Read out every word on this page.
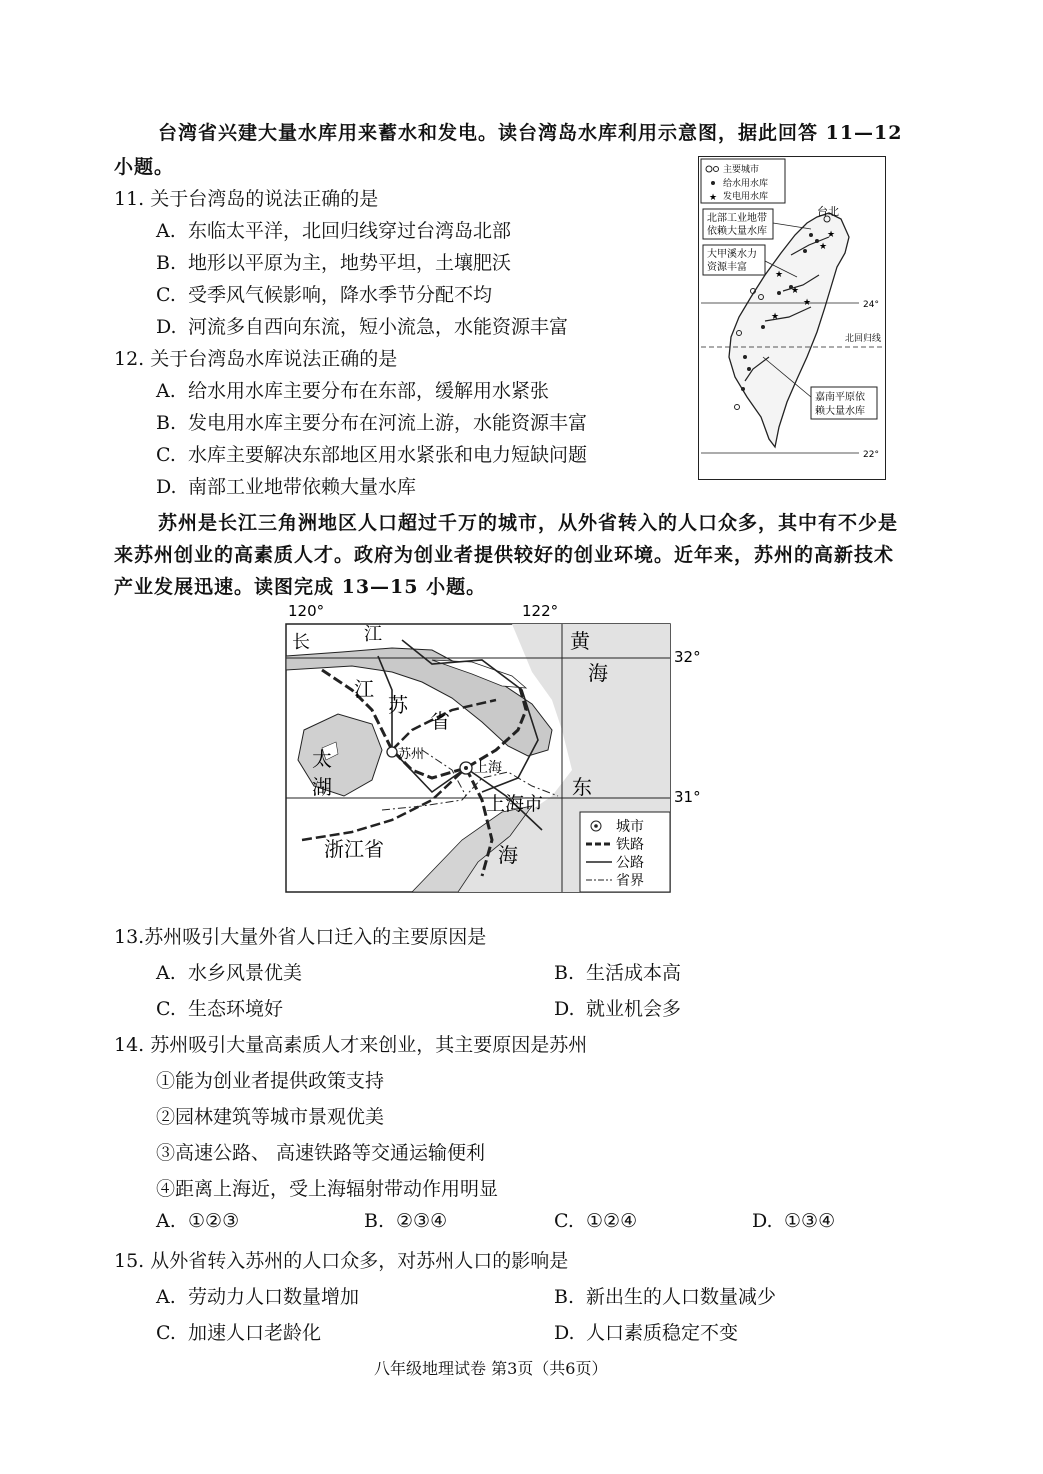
台湾省兴建大量水库用来蓄水和发电。读台湾岛水库利用示意图，据此回答 11—12
小题。
11. 关于台湾岛的说法正确的是
A. 东临太平洋，北回归线穿过台湾岛北部
B. 地形以平原为主，地势平坦，土壤肥沃
C. 受季风气候影响，降水季节分配不均
D. 河流多自西向东流，短小流急，水能资源丰富
12. 关于台湾岛水库说法正确的是
A. 给水用水库主要分布在东部，缓解用水紧张
B. 发电用水库主要分布在河流上游，水能资源丰富
C. 水库主要解决东部地区用水紧张和电力短缺问题
D. 南部工业地带依赖大量水库
主要城市
给水用水库
★ 发电用水库
24°
北回归线
22°
北部工业地带
依赖大量水库
大甲溪水力
资源丰富
嘉南平原依
赖大量水库
台北
★
★
★
★
★
★
苏州是长江三角洲地区人口超过千万的城市，从外省转入的人口众多，其中有不少是
来苏州创业的高素质人才。政府为创业者提供较好的创业环境。近年来，苏州的高新技术
产业发展迅速。读图完成 13—15 小题。
120°	122°
32°
31°
苏州
上海
长	江
江
苏
省
太
湖
黄
海
东
海
上海市
浙江省
城市
铁路
公路
省界
13.苏州吸引大量外省人口迁入的主要原因是
A. 水乡风景优美	B. 生活成本高
C. 生态环境好	D. 就业机会多
14. 苏州吸引大量高素质人才来创业，其主要原因是苏州
①能为创业者提供政策支持
②园林建筑等城市景观优美
③高速公路、 高速铁路等交通运输便利
④距离上海近，受上海辐射带动作用明显
A. ①②③	B. ②③④	C. ①②④	D. ①③④
15. 从外省转入苏州的人口众多，对苏州人口的影响是
A. 劳动力人口数量增加	B. 新出生的人口数量减少
C. 加速人口老龄化	D. 人口素质稳定不变
八年级地理试卷 第3页（共6页）
